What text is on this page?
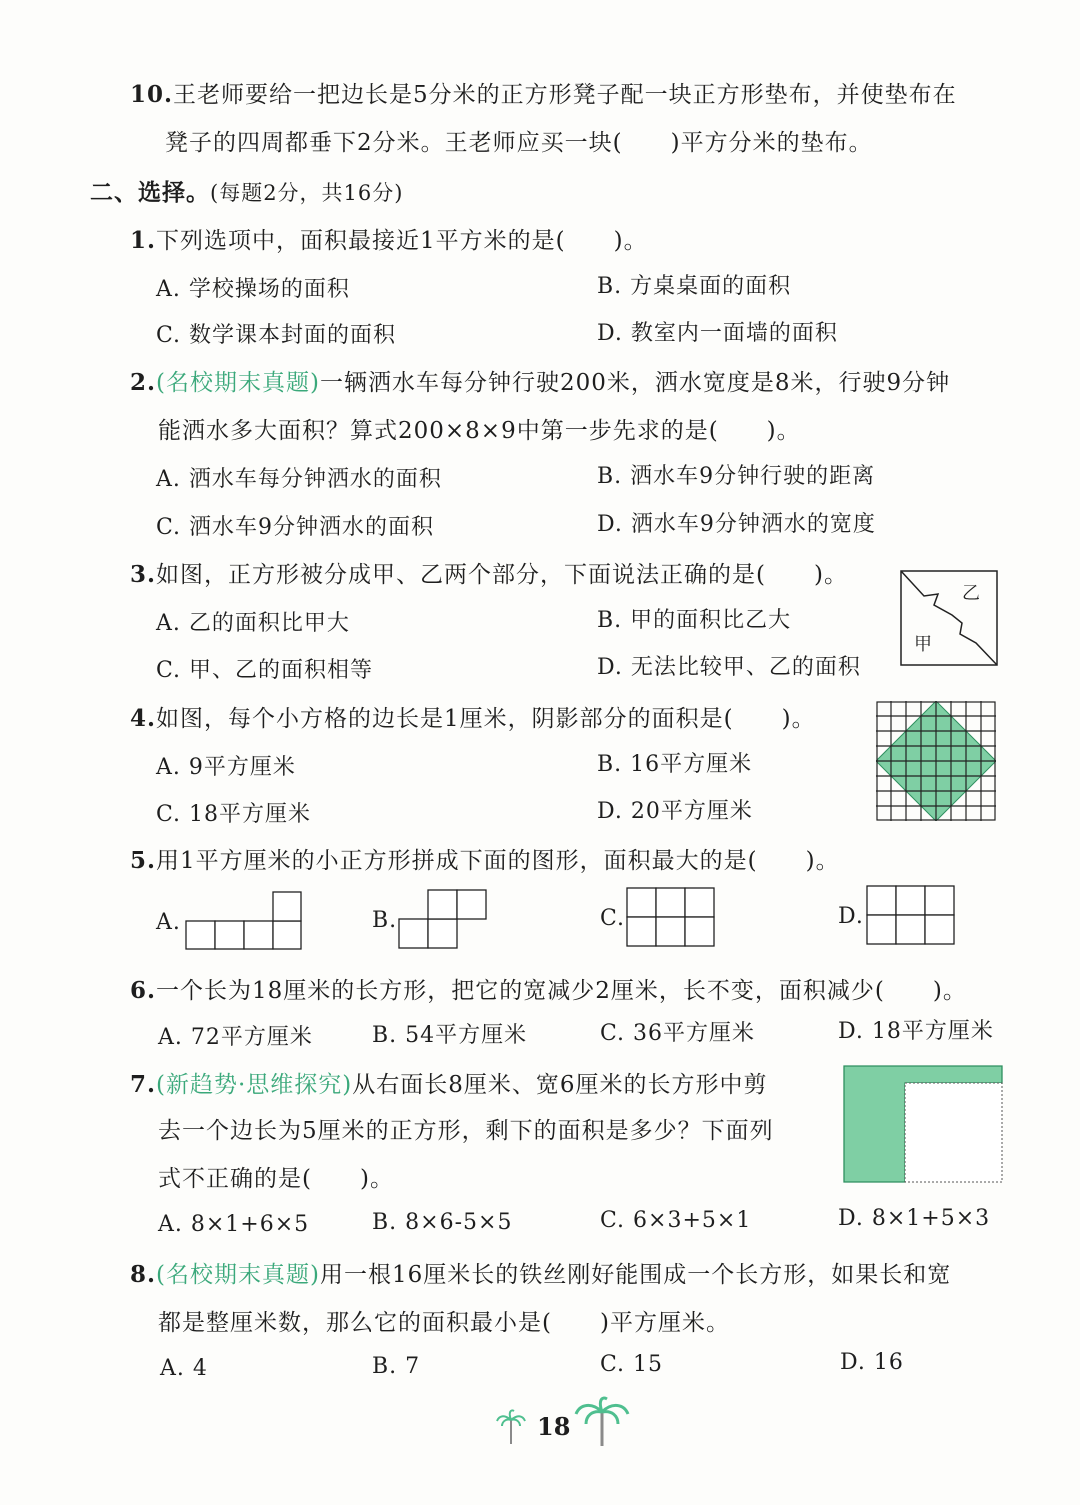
10.王老师要给一把边长是5分米的正方形凳子配一块正方形垫布，并使垫布在
凳子的四周都垂下2分米。王老师应买一块(　　)平方分米的垫布。
二、选择。(每题2分，共16分)
1.下列选项中，面积最接近1平方米的是(　　)。
A. 学校操场的面积	B. 方桌桌面的面积
C. 数学课本封面的面积	D. 教室内一面墙的面积
2.(名校期末真题)一辆洒水车每分钟行驶200米，洒水宽度是8米，行驶9分钟
能洒水多大面积？算式200×8×9中第一步先求的是(　　)。
A. 洒水车每分钟洒水的面积	B. 洒水车9分钟行驶的距离
C. 洒水车9分钟洒水的面积	D. 洒水车9分钟洒水的宽度
3.如图，正方形被分成甲、乙两个部分，下面说法正确的是(　　)。
A. 乙的面积比甲大	B. 甲的面积比乙大
C. 甲、乙的面积相等	D. 无法比较甲、乙的面积
乙
甲
4.如图，每个小方格的边长是1厘米，阴影部分的面积是(　　)。
A. 9平方厘米	B. 16平方厘米
C. 18平方厘米	D. 20平方厘米
5.用1平方厘米的小正方形拼成下面的图形，面积最大的是(　　)。
A.	B.	C.	D.
6.一个长为18厘米的长方形，把它的宽减少2厘米，长不变，面积减少(　　)。
A. 72平方厘米	B. 54平方厘米	C. 36平方厘米	D. 18平方厘米
7.(新趋势·思维探究)从右面长8厘米、宽6厘米的长方形中剪
去一个边长为5厘米的正方形，剩下的面积是多少？下面列
式不正确的是(　　)。
A. 8×1+6×5	B. 8×6-5×5	C. 6×3+5×1	D. 8×1+5×3
8.(名校期末真题)用一根16厘米长的铁丝刚好能围成一个长方形，如果长和宽
都是整厘米数，那么它的面积最小是(　　)平方厘米。
A. 4	B. 7	C. 15	D. 16
18
